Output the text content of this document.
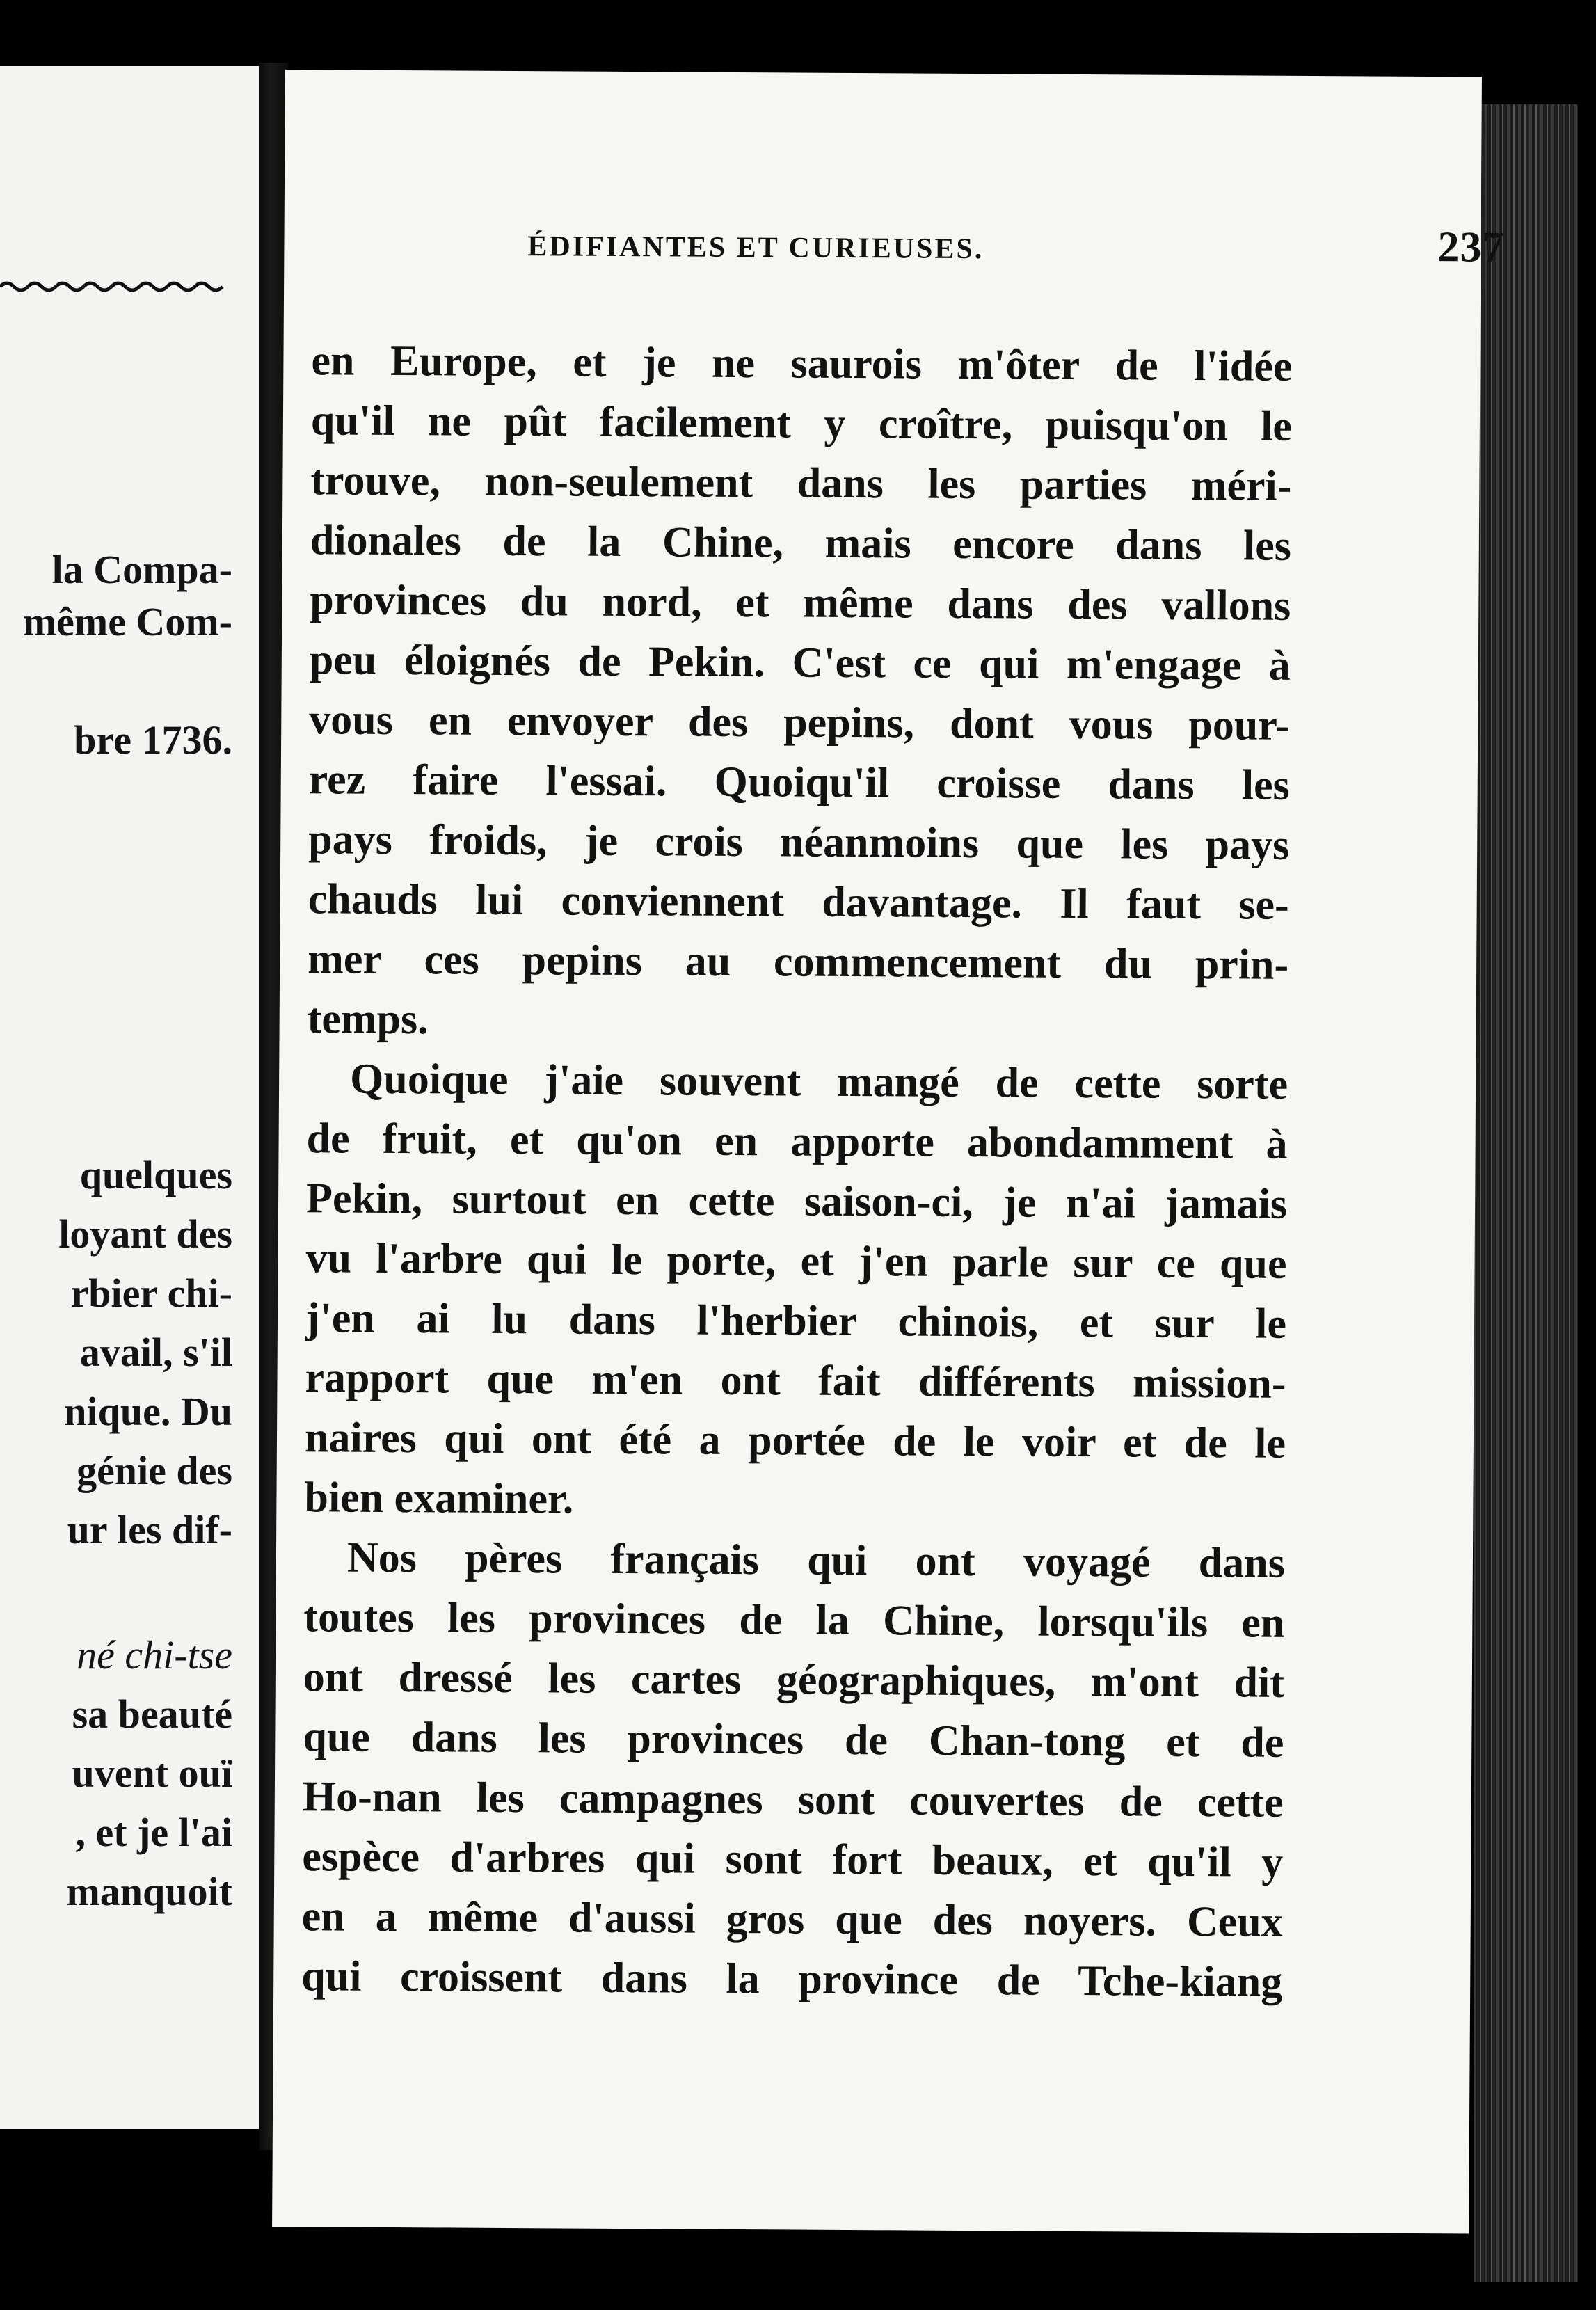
la Compa-
même Com-
bre 1736.
quelques
loyant des
rbier chi-
avail, s'il
nique. Du
génie des
ur les dif-
né chi-tse
sa beauté
uvent ouï
, et je l'ai
manquoit
ÉDIFIANTES ET CURIEUSES.	237
en Europe, et je ne saurois m'ôter de l'idée
qu'il ne pût facilement y croître, puisqu'on le
trouve, non-seulement dans les parties méri-
dionales de la Chine, mais encore dans les
provinces du nord, et même dans des vallons
peu éloignés de Pekin. C'est ce qui m'engage à
vous en envoyer des pepins, dont vous pour-
rez faire l'essai. Quoiqu'il croisse dans les
pays froids, je crois néanmoins que les pays
chauds lui conviennent davantage. Il faut se-
mer ces pepins au commencement du prin-
temps.
Quoique j'aie souvent mangé de cette sorte
de fruit, et qu'on en apporte abondamment à
Pekin, surtout en cette saison-ci, je n'ai jamais
vu l'arbre qui le porte, et j'en parle sur ce que
j'en ai lu dans l'herbier chinois, et sur le
rapport que m'en ont fait différents mission-
naires qui ont été a portée de le voir et de le
bien examiner.
Nos pères français qui ont voyagé dans
toutes les provinces de la Chine, lorsqu'ils en
ont dressé les cartes géographiques, m'ont dit
que dans les provinces de Chan-tong et de
Ho-nan les campagnes sont couvertes de cette
espèce d'arbres qui sont fort beaux, et qu'il y
en a même d'aussi gros que des noyers. Ceux
qui croissent dans la province de Tche-kiang
